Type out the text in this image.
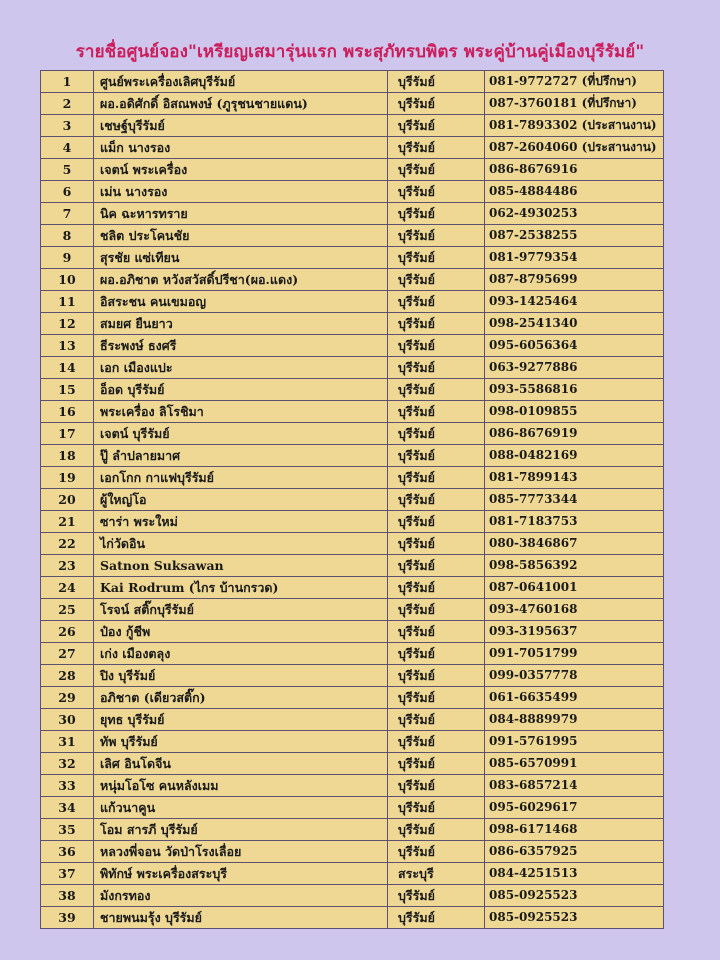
รายชื่อศูนย์จอง"เหรียญเสมารุ่นแรก พระสุภัทรบพิตร พระคู่บ้านคู่เมืองบุรีรัมย์"
1	ศูนย์พระเครื่องเลิศบุรีรัมย์	บุรีรัมย์	081-9772727 (ที่ปรึกษา)
2	ผอ.อดิศักดิ์ อิสณพงษ์ (ภูรุชนชายแดน)	บุรีรัมย์	087-3760181 (ที่ปรึกษา)
3	เชษฐ์บุรีรัมย์	บุรีรัมย์	081-7893302 (ประสานงาน)
4	แม็ก นางรอง	บุรีรัมย์	087-2604060 (ประสานงาน)
5	เจตน์ พระเครื่อง	บุรีรัมย์	086-8676916
6	เม่น นางรอง	บุรีรัมย์	085-4884486
7	นิค ฉะหารทราย	บุรีรัมย์	062-4930253
8	ชลิต ประโคนชัย	บุรีรัมย์	087-2538255
9	สุรชัย แซ่เทียน	บุรีรัมย์	081-9779354
10	ผอ.อภิชาต หวังสวัสดิ์ปรีชา(ผอ.แดง)	บุรีรัมย์	087-8795699
11	อิสระชน คนเขมอญ	บุรีรัมย์	093-1425464
12	สมยศ ยืนยาว	บุรีรัมย์	098-2541340
13	ธีระพงษ์ ธงศรี	บุรีรัมย์	095-6056364
14	เอก เมืองแปะ	บุรีรัมย์	063-9277886
15	อ็อด บุรีรัมย์	บุรีรัมย์	093-5586816
16	พระเครื่อง ลิโรชิมา	บุรีรัมย์	098-0109855
17	เจตน์ บุรีรัมย์	บุรีรัมย์	086-8676919
18	ปู๊ ลำปลายมาศ	บุรีรัมย์	088-0482169
19	เอกโกก กาแฟบุรีรัมย์	บุรีรัมย์	081-7899143
20	ผู้ใหญ่โอ	บุรีรัมย์	085-7773344
21	ซาร่า พระใหม่	บุรีรัมย์	081-7183753
22	ไก่วัดอิน	บุรีรัมย์	080-3846867
23	Satnon Suksawan	บุรีรัมย์	098-5856392
24	Kai Rodrum (ไกร บ้านกรวด)	บุรีรัมย์	087-0641001
25	โรจน์ สติ๊กบุรีรัมย์	บุรีรัมย์	093-4760168
26	ป๋อง กู้ชีพ	บุรีรัมย์	093-3195637
27	เก่ง เมืองตลุง	บุรีรัมย์	091-7051799
28	ปิง บุรีรัมย์	บุรีรัมย์	099-0357778
29	อภิชาต (เดียวสติ๊ก)	บุรีรัมย์	061-6635499
30	ยุทธ บุรีรัมย์	บุรีรัมย์	084-8889979
31	ทัพ บุรีรัมย์	บุรีรัมย์	091-5761995
32	เลิศ อินโดจีน	บุรีรัมย์	085-6570991
33	หนุ่มโอโซ คนหลังเมม	บุรีรัมย์	083-6857214
34	แก้วนาคูน	บุรีรัมย์	095-6029617
35	โอม สารภี บุรีรัมย์	บุรีรัมย์	098-6171468
36	หลวงพี่จอน วัดป่าโรงเลื่อย	บุรีรัมย์	086-6357925
37	พิทักษ์ พระเครื่องสระบุรี	สระบุรี	084-4251513
38	มังกรทอง	บุรีรัมย์	085-0925523
39	ชายพนมรุ้ง บุรีรัมย์	บุรีรัมย์	085-0925523
